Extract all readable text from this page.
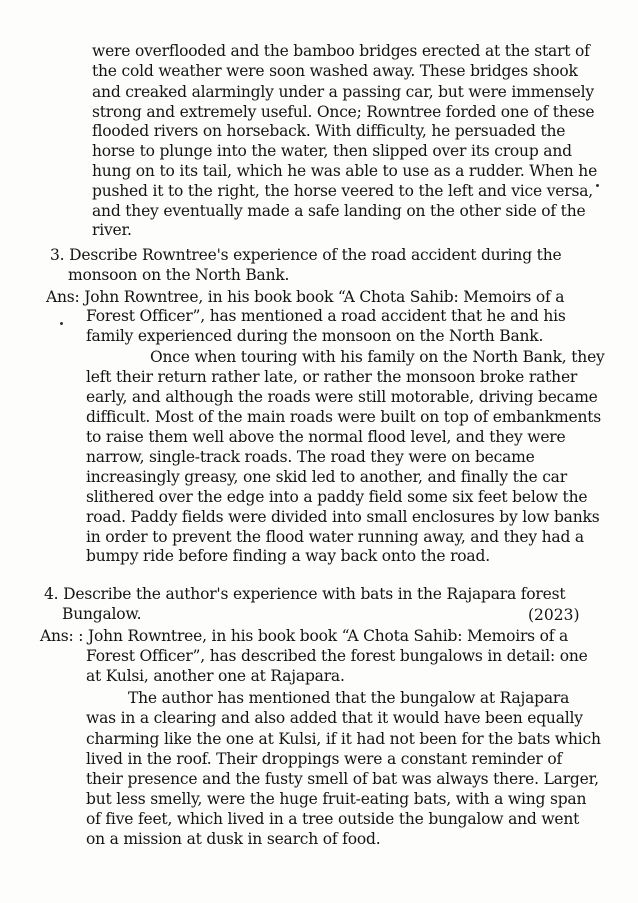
were overflooded and the bamboo bridges erected at the start of
the cold weather were soon washed away. These bridges shook
and creaked alarmingly under a passing car, but were immensely
strong and extremely useful. Once; Rowntree forded one of these
flooded rivers on horseback. With difficulty, he persuaded the
horse to plunge into the water, then slipped over its croup and
hung on to its tail, which he was able to use as a rudder. When he
pushed it to the right, the horse veered to the left and vice versa,
and they eventually made a safe landing on the other side of the
river.
3. Describe Rowntree's experience of the road accident during the
monsoon on the North Bank.
Ans: John Rowntree, in his book book “A Chota Sahib: Memoirs of a
Forest Officer”, has mentioned a road accident that he and his
family experienced during the monsoon on the North Bank.
Once when touring with his family on the North Bank, they
left their return rather late, or rather the monsoon broke rather
early, and although the roads were still motorable, driving became
difficult. Most of the main roads were built on top of embankments
to raise them well above the normal flood level, and they were
narrow, single-track roads. The road they were on became
increasingly greasy, one skid led to another, and finally the car
slithered over the edge into a paddy field some six feet below the
road. Paddy fields were divided into small enclosures by low banks
in order to prevent the flood water running away, and they had a
bumpy ride before finding a way back onto the road.
4. Describe the author's experience with bats in the Rajapara forest
Bungalow.	(2023)
Ans: : John Rowntree, in his book book “A Chota Sahib: Memoirs of a
Forest Officer”, has described the forest bungalows in detail: one
at Kulsi, another one at Rajapara.
The author has mentioned that the bungalow at Rajapara
was in a clearing and also added that it would have been equally
charming like the one at Kulsi, if it had not been for the bats which
lived in the roof. Their droppings were a constant reminder of
their presence and the fusty smell of bat was always there. Larger,
but less smelly, were the huge fruit-eating bats, with a wing span
of five feet, which lived in a tree outside the bungalow and went
on a mission at dusk in search of food.
